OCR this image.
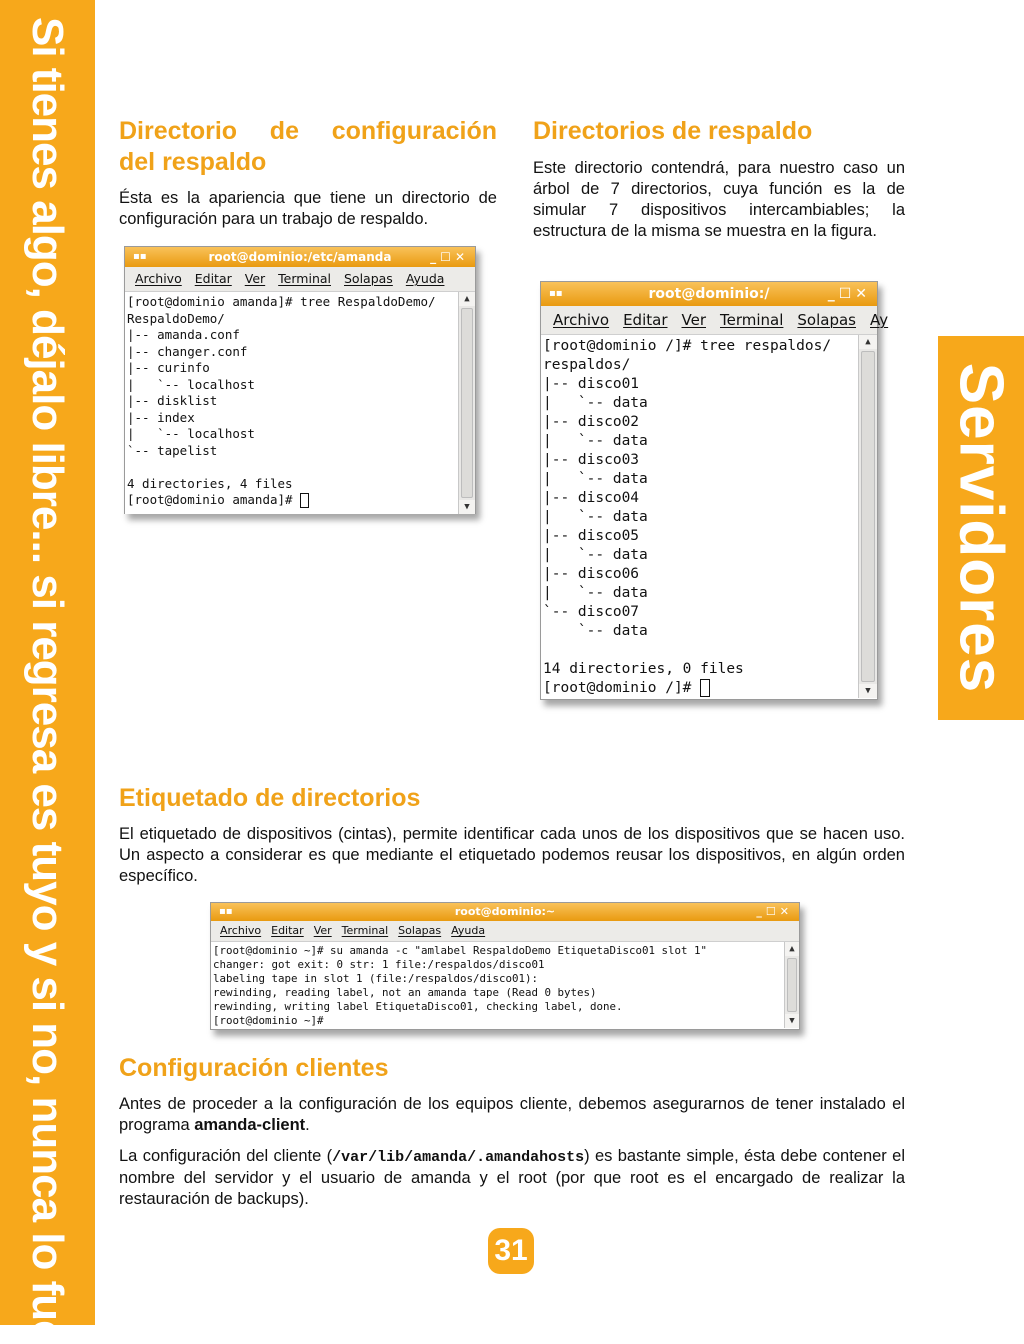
Si tienes algo, déjalo libre... si regresa es tuyo y si no, nunca lo fué	Servidores
Directorio de configuración
del respaldo

Ésta es la apariencia que tiene un directorio de configuración para un trabajo de respaldo.

▪▪	root@dominio:/etc/amanda	_☐✕
Archivo Editar Ver Terminal Solapas Ayuda
[root@dominio amanda]# tree RespaldoDemo/
RespaldoDemo/
|-- amanda.conf
|-- changer.conf
|-- curinfo
|   `-- localhost
|-- disklist
|-- index
|   `-- localhost
`-- tapelist

4 directories, 4 files
[root@dominio amanda]#
▲
▼
Directorios de respaldo

Este directorio contendrá, para nuestro caso un árbol de 7 directorios, cuya función es la de simular 7 dispositivos intercambiables; la estructura de la misma se muestra en la figura.

▪▪	root@dominio:/	_☐✕
Archivo Editar Ver Terminal Solapas Ay
[root@dominio /]# tree respaldos/
respaldos/
|-- disco01
|   `-- data
|-- disco02
|   `-- data
|-- disco03
|   `-- data
|-- disco04
|   `-- data
|-- disco05
|   `-- data
|-- disco06
|   `-- data
`-- disco07
`-- data

14 directories, 0 files
[root@dominio /]#
▲
▼
Etiquetado de directorios

El etiquetado de dispositivos (cintas), permite identificar cada unos de los dispositivos que se hacen uso. Un aspecto a considerar es que mediante el etiquetado podemos reusar los dispositivos, en algún orden específico.

▪▪	root@dominio:~	_☐✕
Archivo Editar Ver Terminal Solapas Ayuda
[root@dominio ~]# su amanda -c "amlabel RespaldoDemo EtiquetaDisco01 slot 1"
changer: got exit: 0 str: 1 file:/respaldos/disco01
labeling tape in slot 1 (file:/respaldos/disco01):
rewinding, reading label, not an amanda tape (Read 0 bytes)
rewinding, writing label EtiquetaDisco01, checking label, done.
[root@dominio ~]#
▲
▼
Configuración clientes

Antes de proceder a la configuración de los equipos cliente, debemos asegurarnos de tener instalado el programa amanda-client.

La configuración del cliente (/var/lib/amanda/.amandahosts) es bastante simple, ésta debe contener el nombre del servidor y el usuario de amanda y el root (por que root es el encargado de realizar la restauración de backups).

31
